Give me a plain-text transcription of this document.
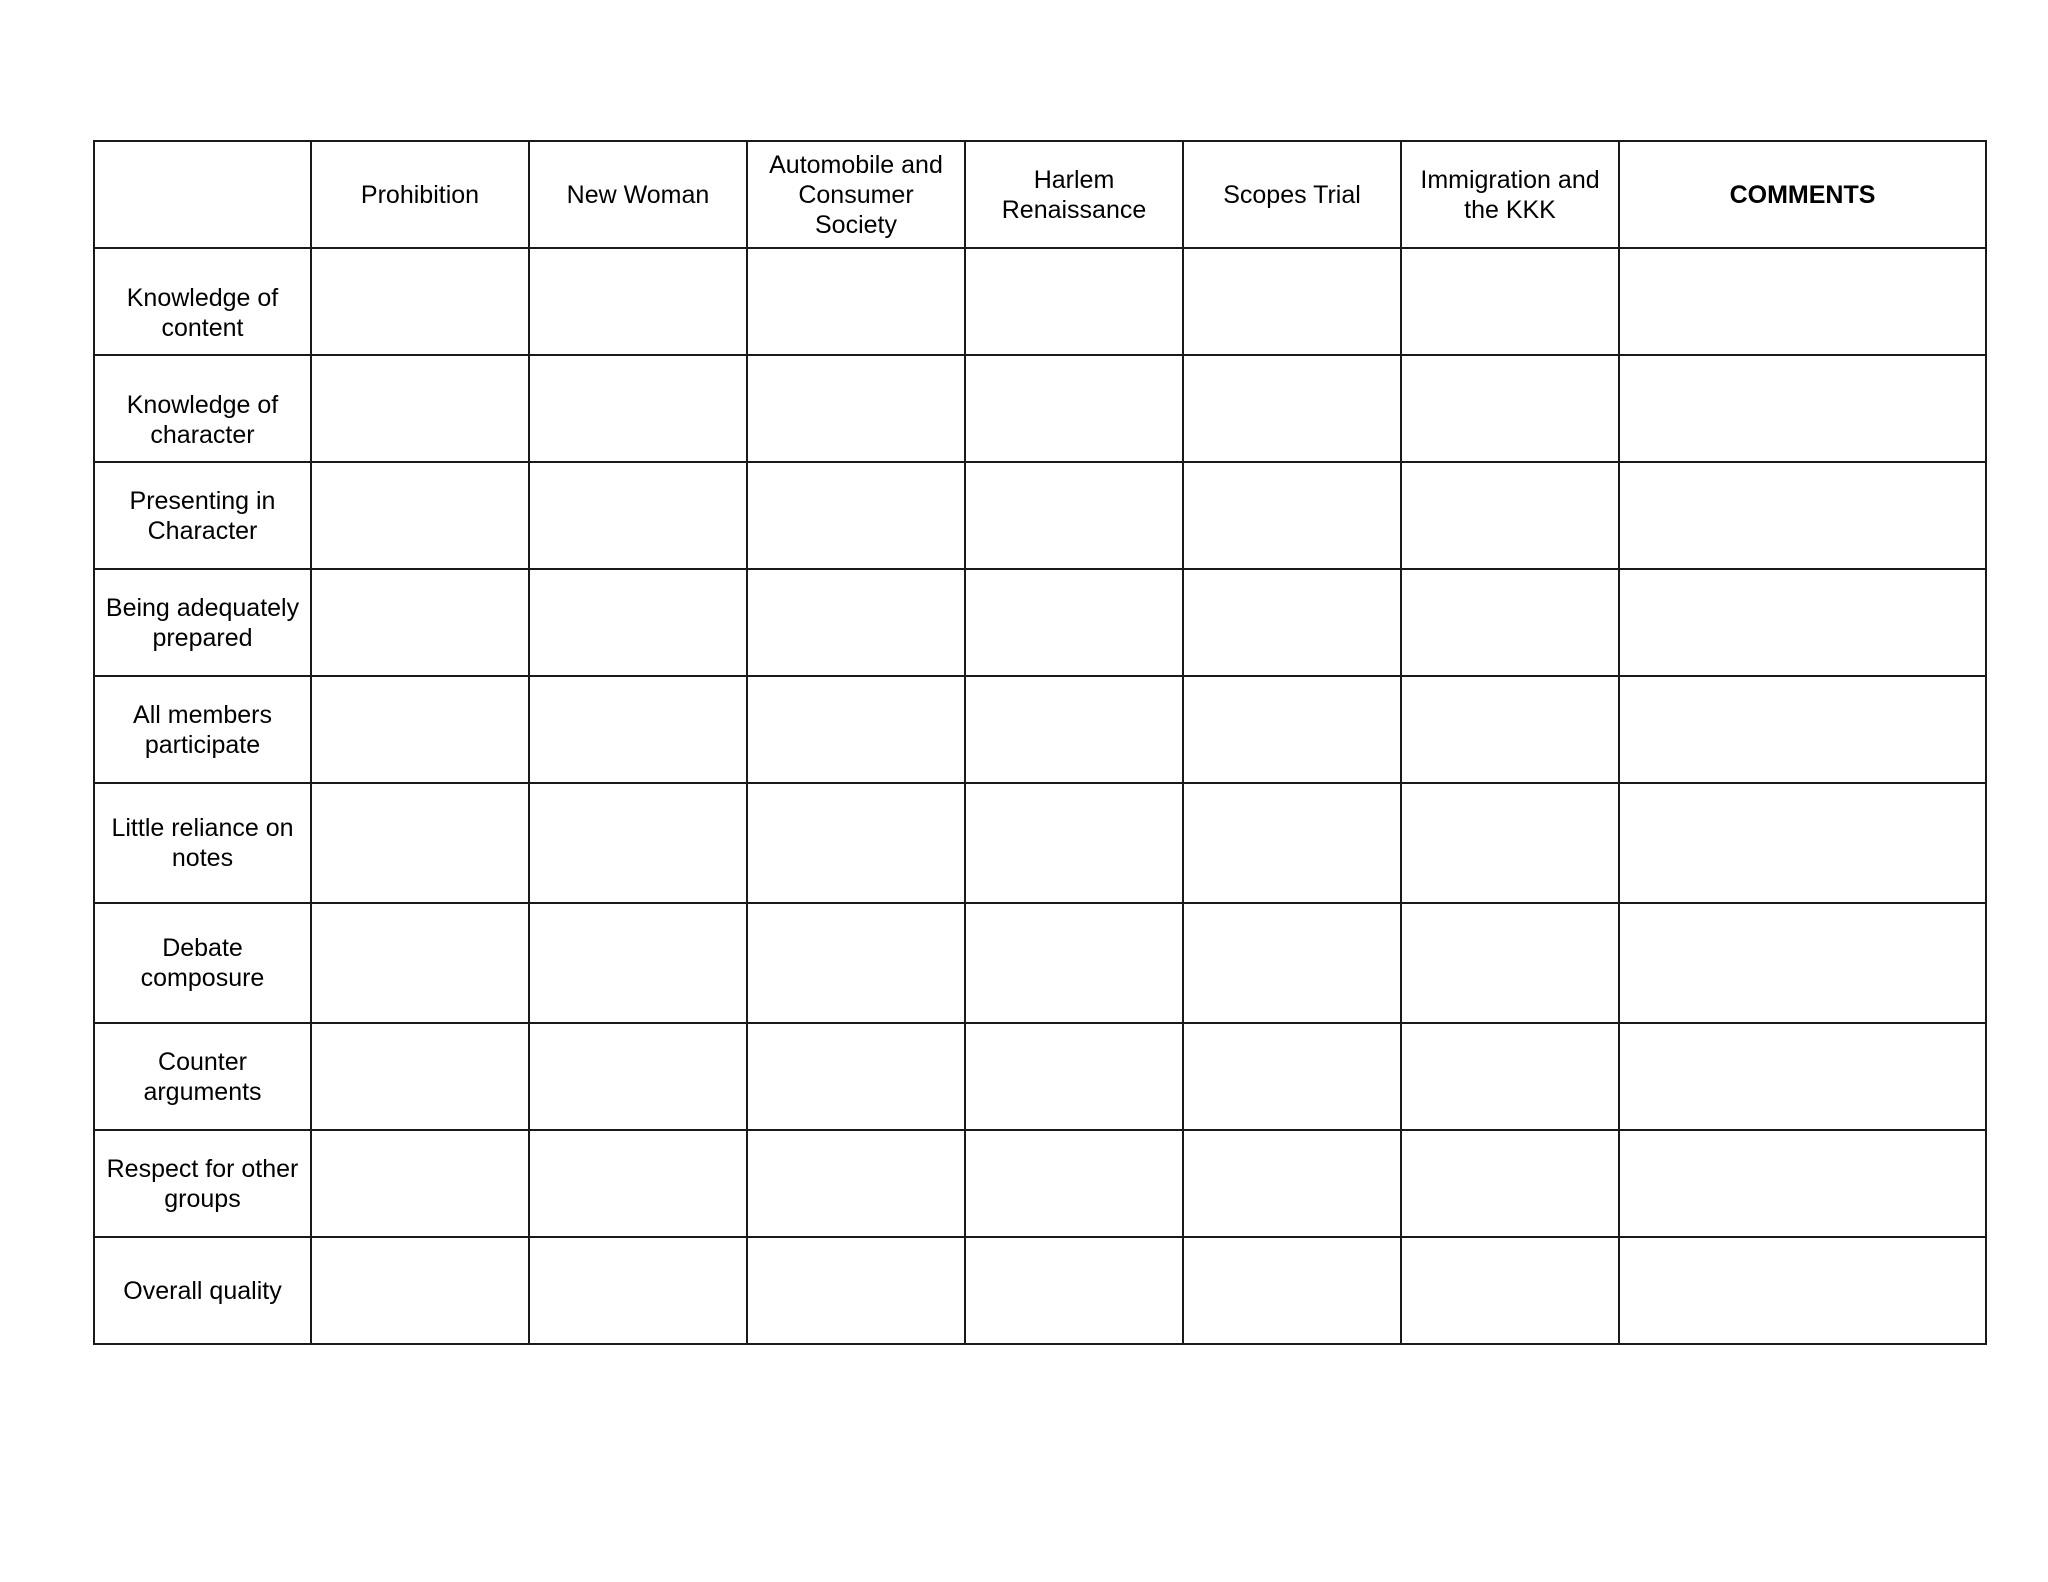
	Prohibition	New Woman	Automobile and Consumer Society	Harlem Renaissance	Scopes Trial	Immigration and the KKK	COMMENTS
Knowledge of content							
Knowledge of character							
Presenting in Character							
Being adequately prepared							
All members participate							
Little reliance on notes							
Debate composure							
Counter arguments							
Respect for other groups							
Overall quality							
